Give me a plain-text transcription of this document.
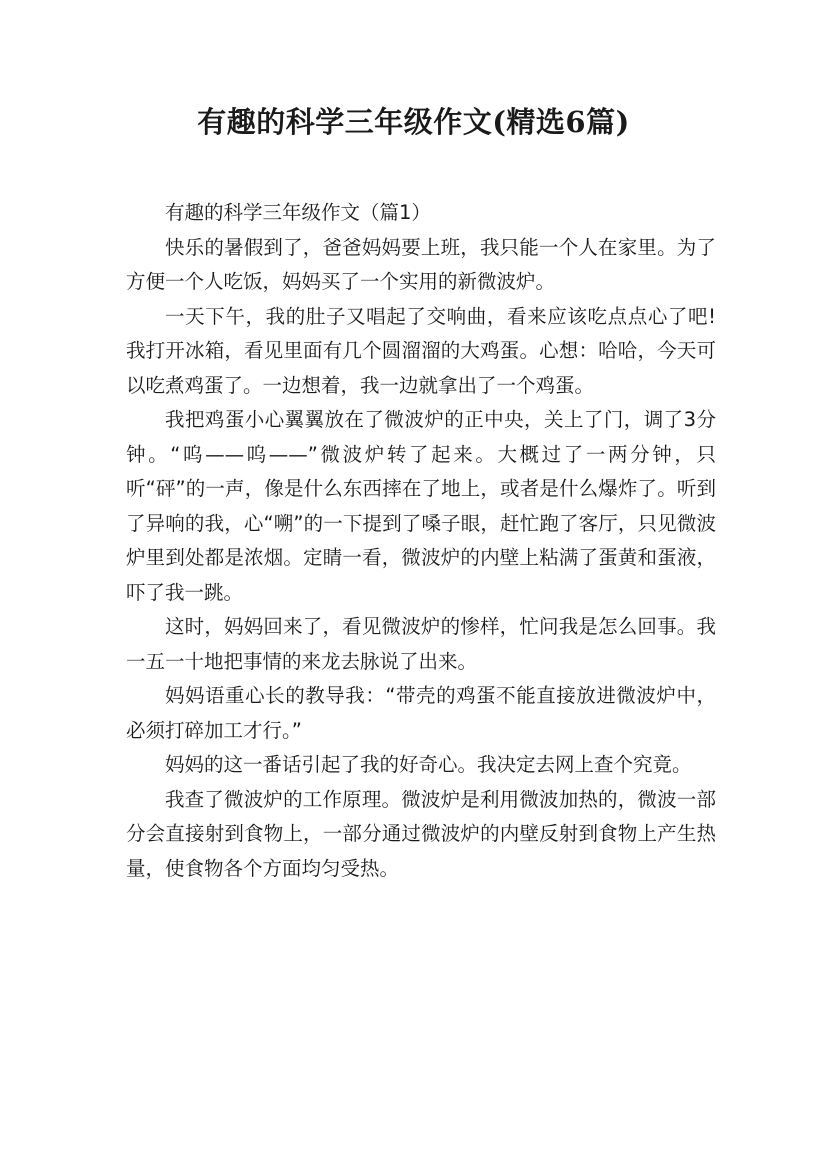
有趣的科学三年级作文(精选6篇)

有趣的科学三年级作文（篇1）

快乐的暑假到了，爸爸妈妈要上班，我只能一个人在家里。为了方便一个人吃饭，妈妈买了一个实用的新微波炉。

一天下午，我的肚子又唱起了交响曲，看来应该吃点点心了吧!我打开冰箱，看见里面有几个圆溜溜的大鸡蛋。心想：哈哈，今天可以吃煮鸡蛋了。一边想着，我一边就拿出了一个鸡蛋。

我把鸡蛋小心翼翼放在了微波炉的正中央，关上了门，调了3分钟。“呜——呜——”微波炉转了起来。大概过了一两分钟，只听“砰”的一声，像是什么东西摔在了地上，或者是什么爆炸了。听到了异响的我，心“嗍”的一下提到了嗓子眼，赶忙跑了客厅，只见微波炉里到处都是浓烟。定睛一看，微波炉的内壁上粘满了蛋黄和蛋液，吓了我一跳。

这时，妈妈回来了，看见微波炉的惨样，忙问我是怎么回事。我一五一十地把事情的来龙去脉说了出来。

妈妈语重心长的教导我：“带壳的鸡蛋不能直接放进微波炉中，必须打碎加工才行。”

妈妈的这一番话引起了我的好奇心。我决定去网上查个究竟。

我查了微波炉的工作原理。微波炉是利用微波加热的，微波一部分会直接射到食物上，一部分通过微波炉的内壁反射到食物上产生热量，使食物各个方面均匀受热。
